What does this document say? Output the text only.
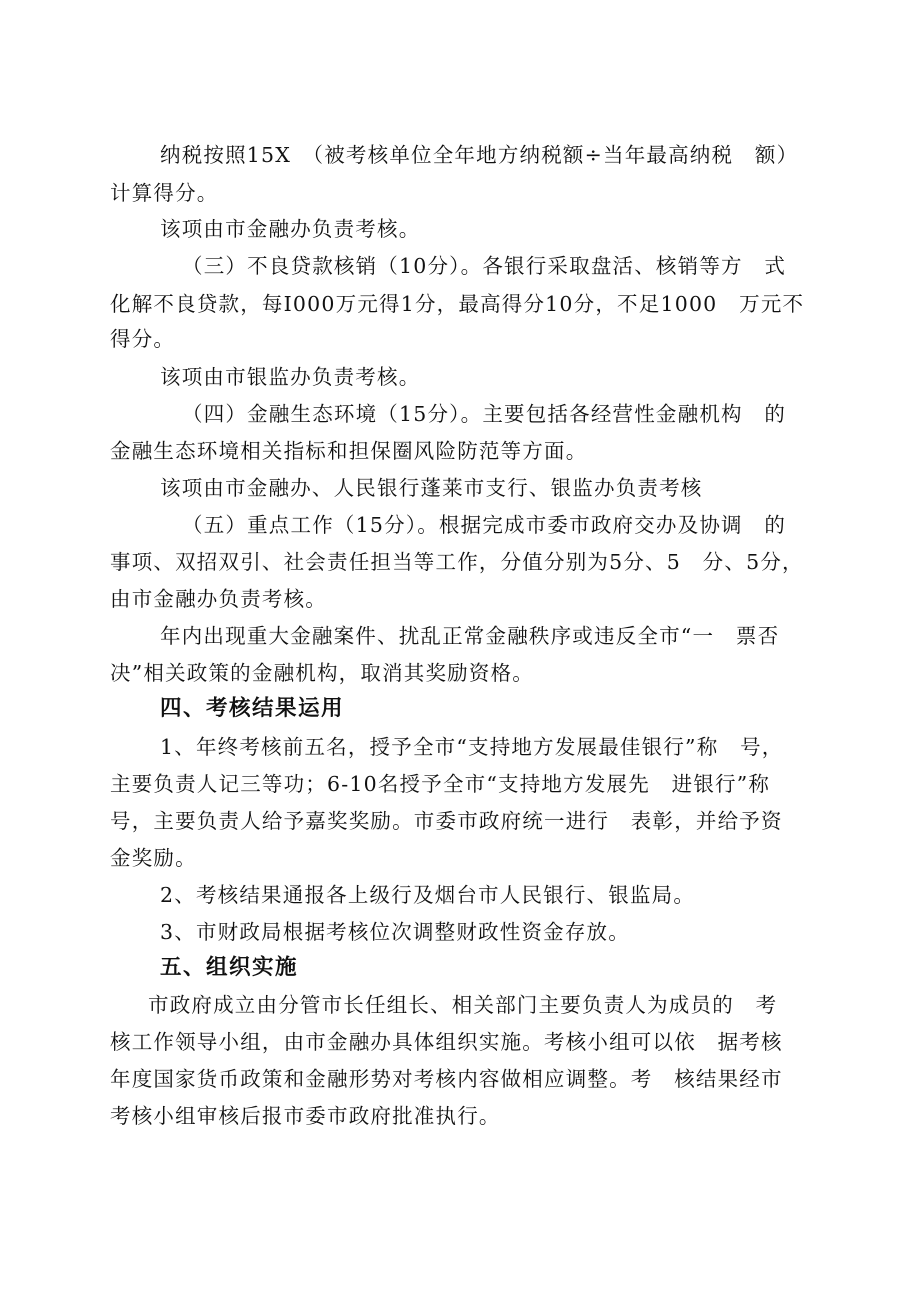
纳税按照15X　（被考核单位全年地方纳税额÷当年最高纳税　额）
计算得分。
该项由市金融办负责考核。
（三）不良贷款核销（10分）。各银行采取盘活、核销等方　式
化解不良贷款，每I000万元得1分，最高得分10分，不足1000　万元不
得分。
该项由市银监办负责考核。
（四）金融生态环境（15分）。主要包括各经营性金融机构　的
金融生态环境相关指标和担保圈风险防范等方面。
该项由市金融办、人民银行蓬莱市支行、银监办负责考核
（五）重点工作（15分）。根据完成市委市政府交办及协调　的
事项、双招双引、社会责任担当等工作，分值分别为5分、5　分、5分，
由市金融办负责考核。
年内出现重大金融案件、扰乱正常金融秩序或违反全市“一　票否
决”相关政策的金融机构，取消其奖励资格。
四、考核结果运用
1、年终考核前五名，授予全市“支持地方发展最佳银行”称　号，
主要负责人记三等功；6-10名授予全市“支持地方发展先　进银行”称
号，主要负责人给予嘉奖奖励。市委市政府统一进行　表彰，并给予资
金奖励。
2、考核结果通报各上级行及烟台市人民银行、银监局。
3、市财政局根据考核位次调整财政性资金存放。
五、组织实施
市政府成立由分管市长任组长、相关部门主要负责人为成员的　考
核工作领导小组，由市金融办具体组织实施。考核小组可以依　据考核
年度国家货币政策和金融形势对考核内容做相应调整。考　核结果经市
考核小组审核后报市委市政府批准执行。
